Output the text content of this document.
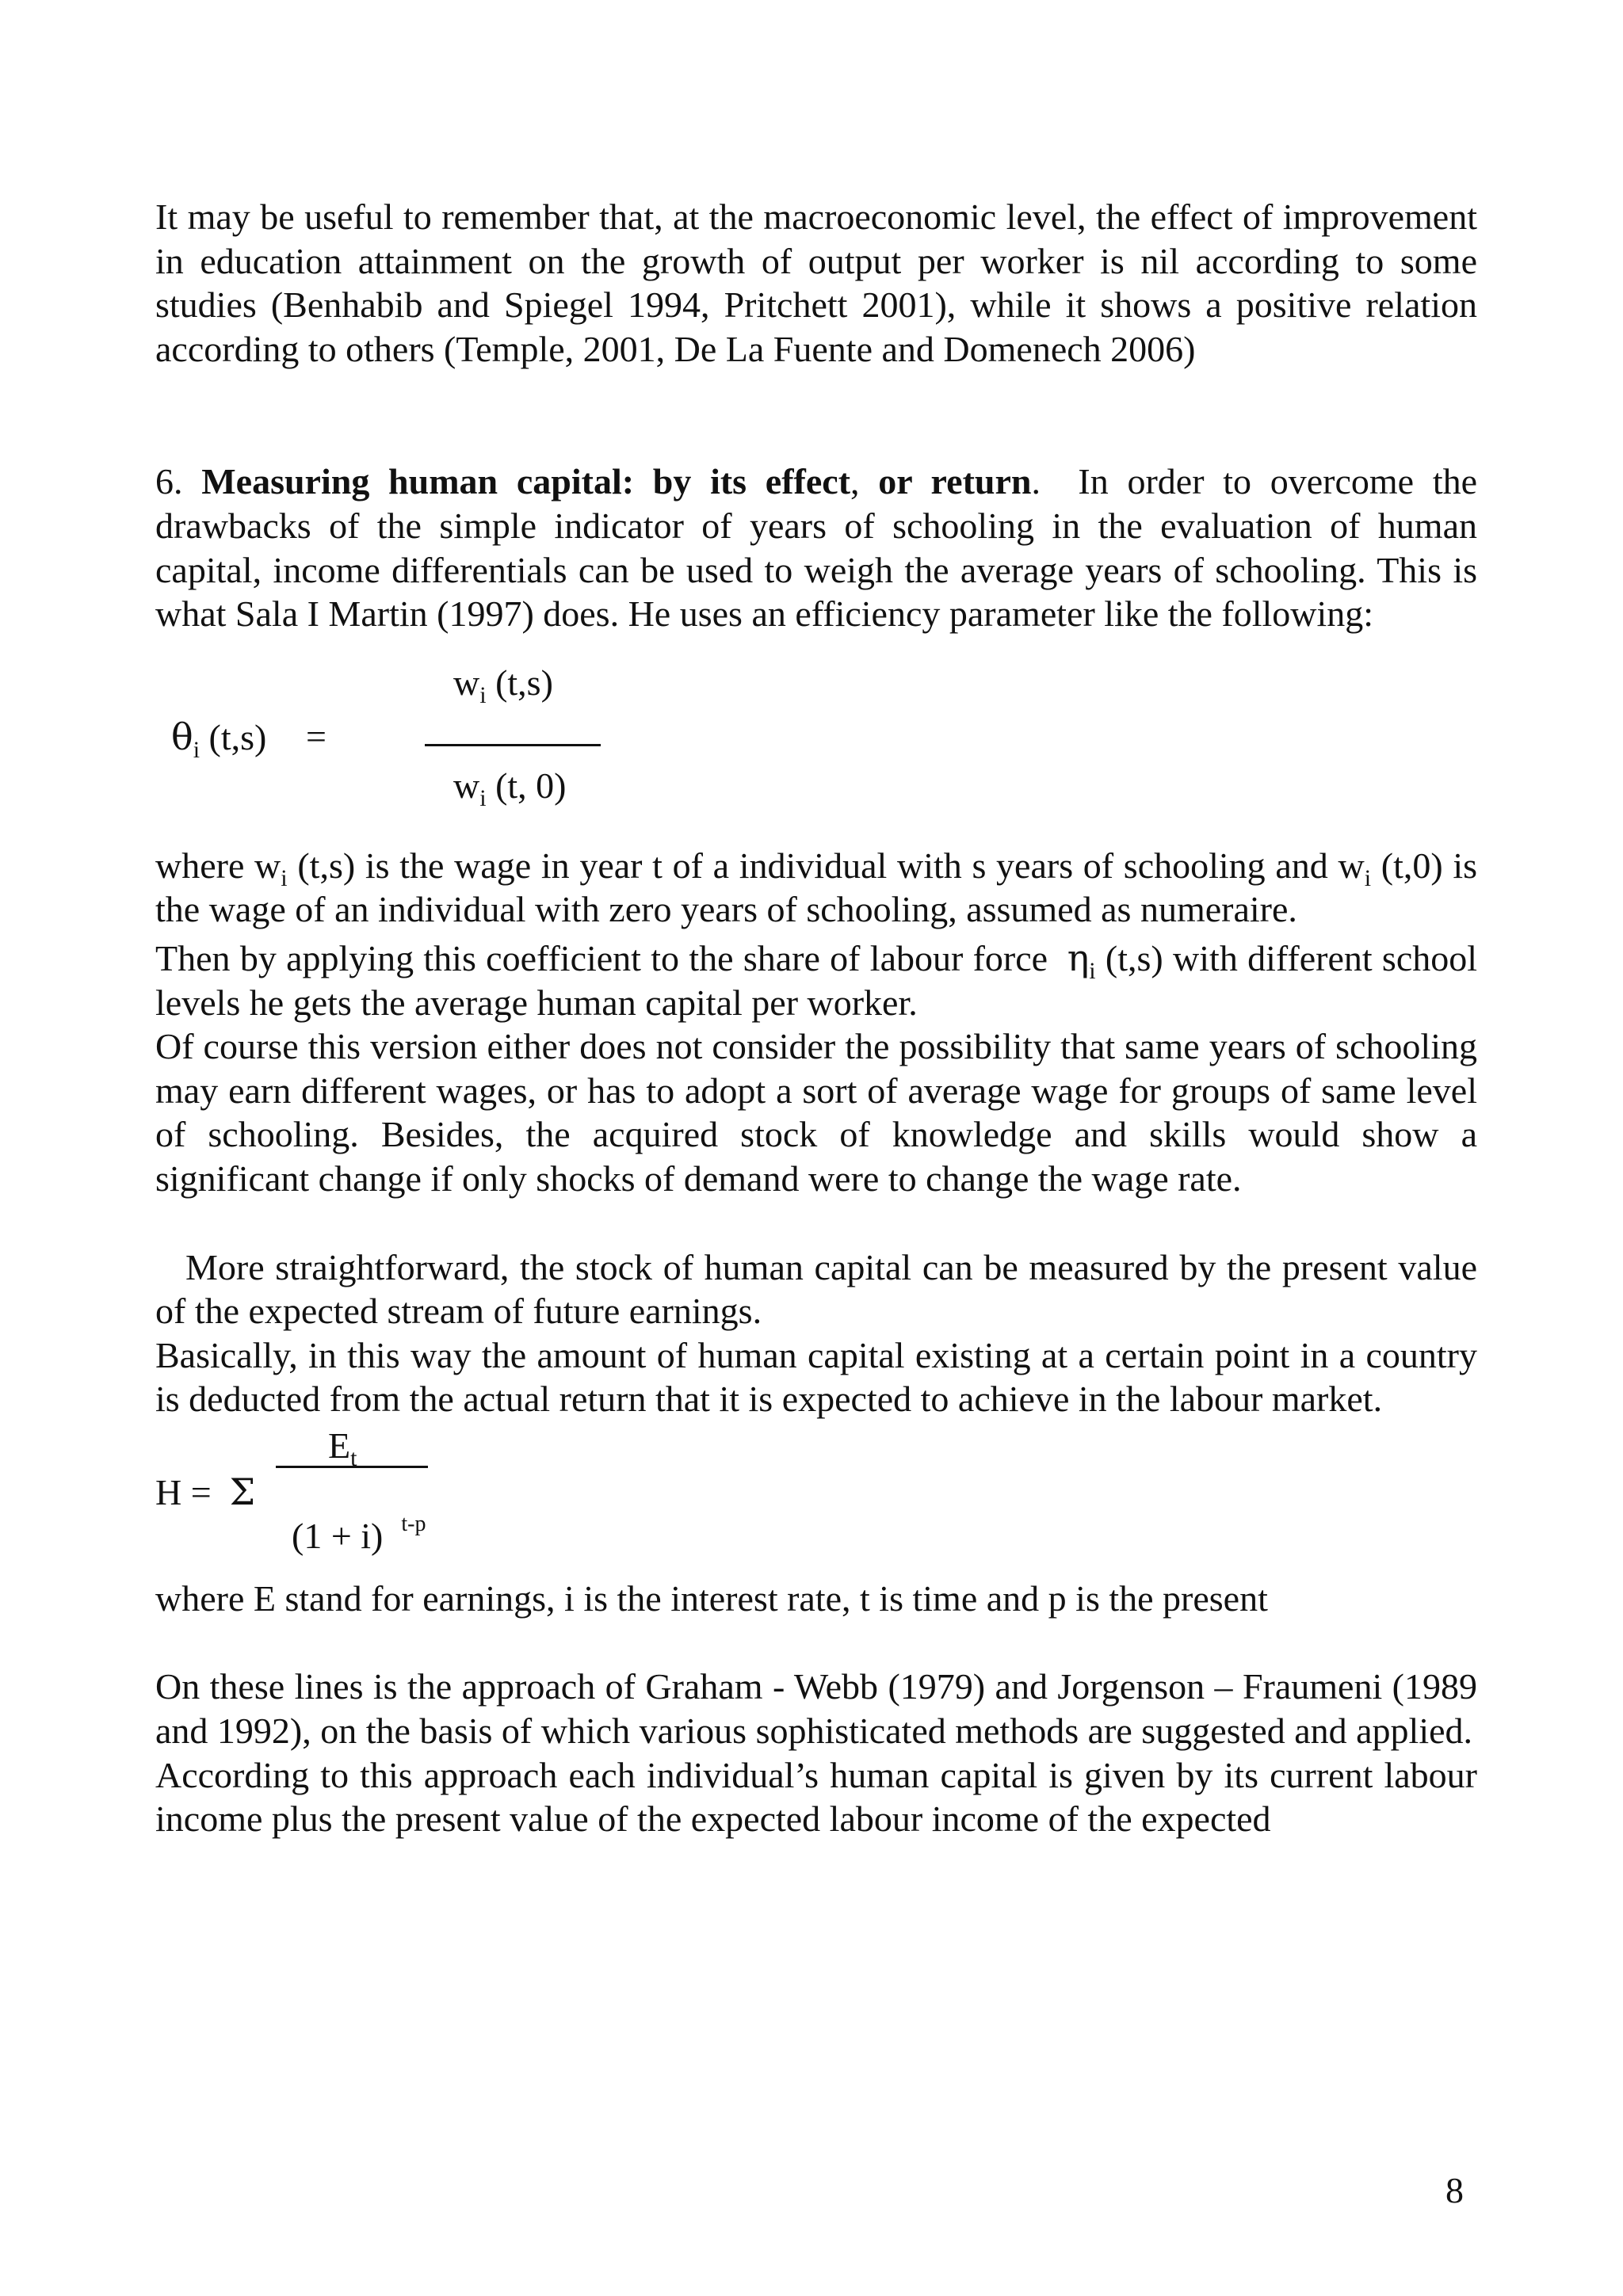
It may be useful to remember that, at the macroeconomic level, the effect of improvement in education attainment on the growth of output per worker is nil according to some studies (Benhabib and Spiegel 1994, Pritchett 2001), while it shows a positive relation according to others (Temple, 2001, De La Fuente and Domenech 2006)

6. Measuring human capital: by its effect, or return. In order to overcome the drawbacks of the simple indicator of years of schooling in the evaluation of human capital, income differentials can be used to weigh the average years of schooling. This is what Sala I Martin (1997) does. He uses an efficiency parameter like the following:

$\theta_i$ (t,s) =
$w_i$ (t,s)
$w_i$ (t, 0)

where $w_i$ (t,s) is the wage in year t of a individual with s years of schooling and $w_i$ (t,0) is the wage of an individual with zero years of schooling, assumed as numeraire.

Then by applying this coefficient to the share of labour force $\eta_i$ (t,s) with different school levels he gets the average human capital per worker.

Of course this version either does not consider the possibility that same years of schooling may earn different wages, or has to adopt a sort of average wage for groups of same level of schooling. Besides, the acquired stock of knowledge and skills would show a significant change if only shocks of demand were to change the wage rate.

More straightforward, the stock of human capital can be measured by the present value of the expected stream of future earnings.

Basically, in this way the amount of human capital existing at a certain point in a country is deducted from the actual return that it is expected to achieve in the labour market.

H = Σ
$E_t$
(1 + i) $^{t-p}$

where E stand for earnings, i is the interest rate, t is time and p is the present

On these lines is the approach of Graham - Webb (1979) and Jorgenson – Fraumeni (1989 and 1992), on the basis of which various sophisticated methods are suggested and applied.

According to this approach each individual’s human capital is given by its current labour income plus the present value of the expected labour income of the expected

8
